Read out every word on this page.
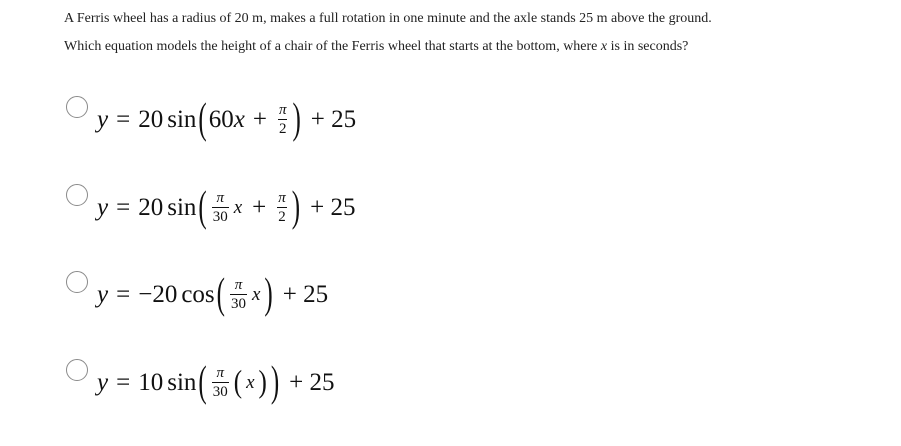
A Ferris wheel has a radius of 20 m, makes a full rotation in one minute and the axle stands 25 m above the ground.
Which equation models the height of a chair of the Ferris wheel that starts at the bottom, where x is in seconds?
y = 20 sin ( 60 $x + \frac{\pi}{2}$ ) + 25
y = 20 sin ( $\frac{\pi}{30}$ $x + \frac{\pi}{2}$ ) + 25
y = −20 cos ( $\frac{\pi}{30}$ x ) + 25
y = 10 sin ( $\frac{\pi}{30}$ ( x ) ) + 25
